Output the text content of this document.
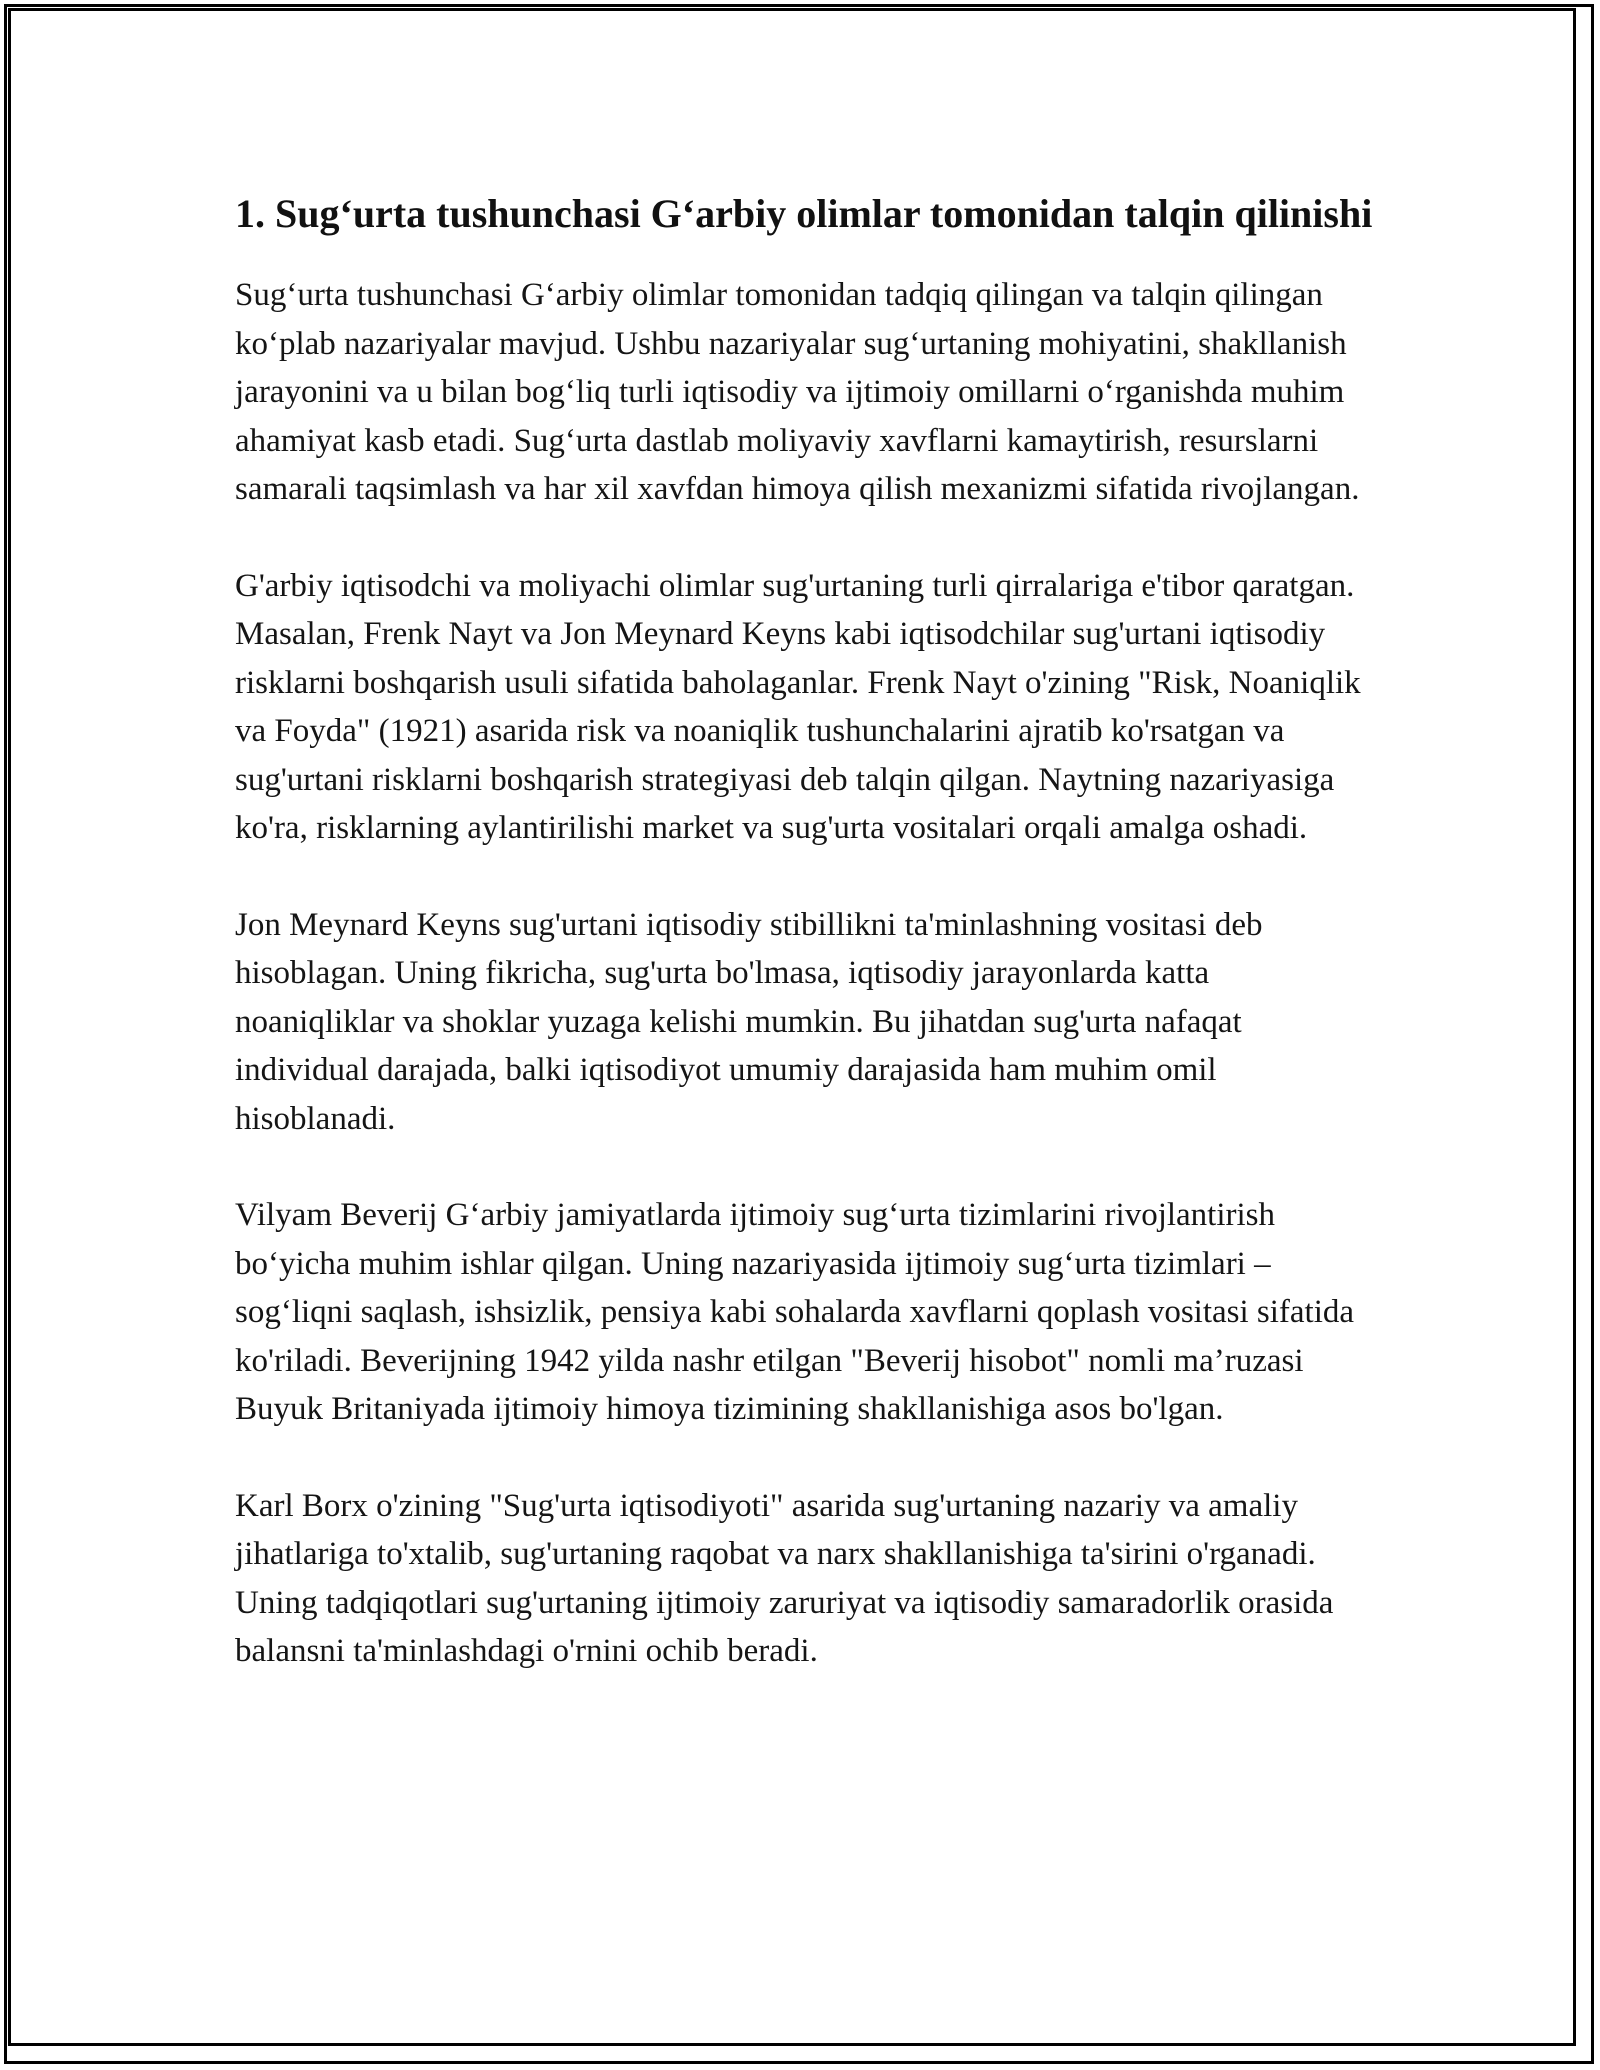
1. Sug‘urta tushunchasi G‘arbiy olimlar tomonidan talqin qilinishi

Sug‘urta tushunchasi G‘arbiy olimlar tomonidan tadqiq qilingan va talqin qilingan ko‘plab nazariyalar mavjud. Ushbu nazariyalar sug‘urtaning mohiyatini, shakllanish jarayonini va u bilan bog‘liq turli iqtisodiy va ijtimoiy omillarni o‘rganishda muhim ahamiyat kasb etadi. Sug‘urta dastlab moliyaviy xavflarni kamaytirish, resurslarni samarali taqsimlash va har xil xavfdan himoya qilish mexanizmi sifatida rivojlangan.

G'arbiy iqtisodchi va moliyachi olimlar sug'urtaning turli qirralariga e'tibor qaratgan. Masalan, Frenk Nayt va Jon Meynard Keyns kabi iqtisodchilar sug'urtani iqtisodiy risklarni boshqarish usuli sifatida baholaganlar. Frenk Nayt o'zining "Risk, Noaniqlik va Foyda" (1921) asarida risk va noaniqlik tushunchalarini ajratib ko'rsatgan va sug'urtani risklarni boshqarish strategiyasi deb talqin qilgan. Naytning nazariyasiga ko'ra, risklarning aylantirilishi market va sug'urta vositalari orqali amalga oshadi.

Jon Meynard Keyns sug'urtani iqtisodiy stibillikni ta'minlashning vositasi deb hisoblagan. Uning fikricha, sug'urta bo'lmasa, iqtisodiy jarayonlarda katta noaniqliklar va shoklar yuzaga kelishi mumkin. Bu jihatdan sug'urta nafaqat individual darajada, balki iqtisodiyot umumiy darajasida ham muhim omil hisoblanadi.

Vilyam Beverij G‘arbiy jamiyatlarda ijtimoiy sug‘urta tizimlarini rivojlantirish bo‘yicha muhim ishlar qilgan. Uning nazariyasida ijtimoiy sug‘urta tizimlari – sog‘liqni saqlash, ishsizlik, pensiya kabi sohalarda xavflarni qoplash vositasi sifatida ko'riladi. Beverijning 1942 yilda nashr etilgan "Beverij hisobot" nomli ma’ruzasi Buyuk Britaniyada ijtimoiy himoya tizimining shakllanishiga asos bo'lgan.

Karl Borx o'zining "Sug'urta iqtisodiyoti" asarida sug'urtaning nazariy va amaliy jihatlariga to'xtalib, sug'urtaning raqobat va narx shakllanishiga ta'sirini o'rganadi. Uning tadqiqotlari sug'urtaning ijtimoiy zaruriyat va iqtisodiy samaradorlik orasida balansni ta'minlashdagi o'rnini ochib beradi.
